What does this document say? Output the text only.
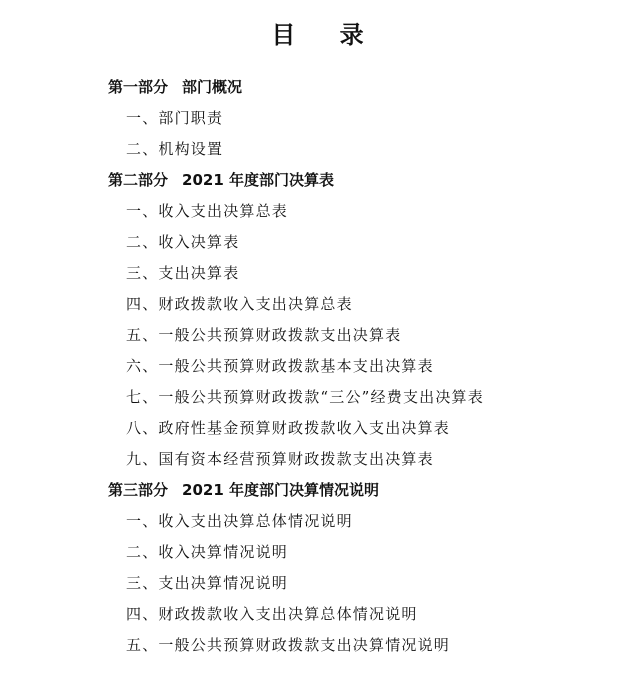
目 录
第一部分 部门概况
一、部门职责
二、机构设置
第二部分 2021 年度部门决算表
一、收入支出决算总表
二、收入决算表
三、支出决算表
四、财政拨款收入支出决算总表
五、一般公共预算财政拨款支出决算表
六、一般公共预算财政拨款基本支出决算表
七、一般公共预算财政拨款“三公”经费支出决算表
八、政府性基金预算财政拨款收入支出决算表
九、国有资本经营预算财政拨款支出决算表
第三部分 2021 年度部门决算情况说明
一、收入支出决算总体情况说明
二、收入决算情况说明
三、支出决算情况说明
四、财政拨款收入支出决算总体情况说明
五、一般公共预算财政拨款支出决算情况说明
